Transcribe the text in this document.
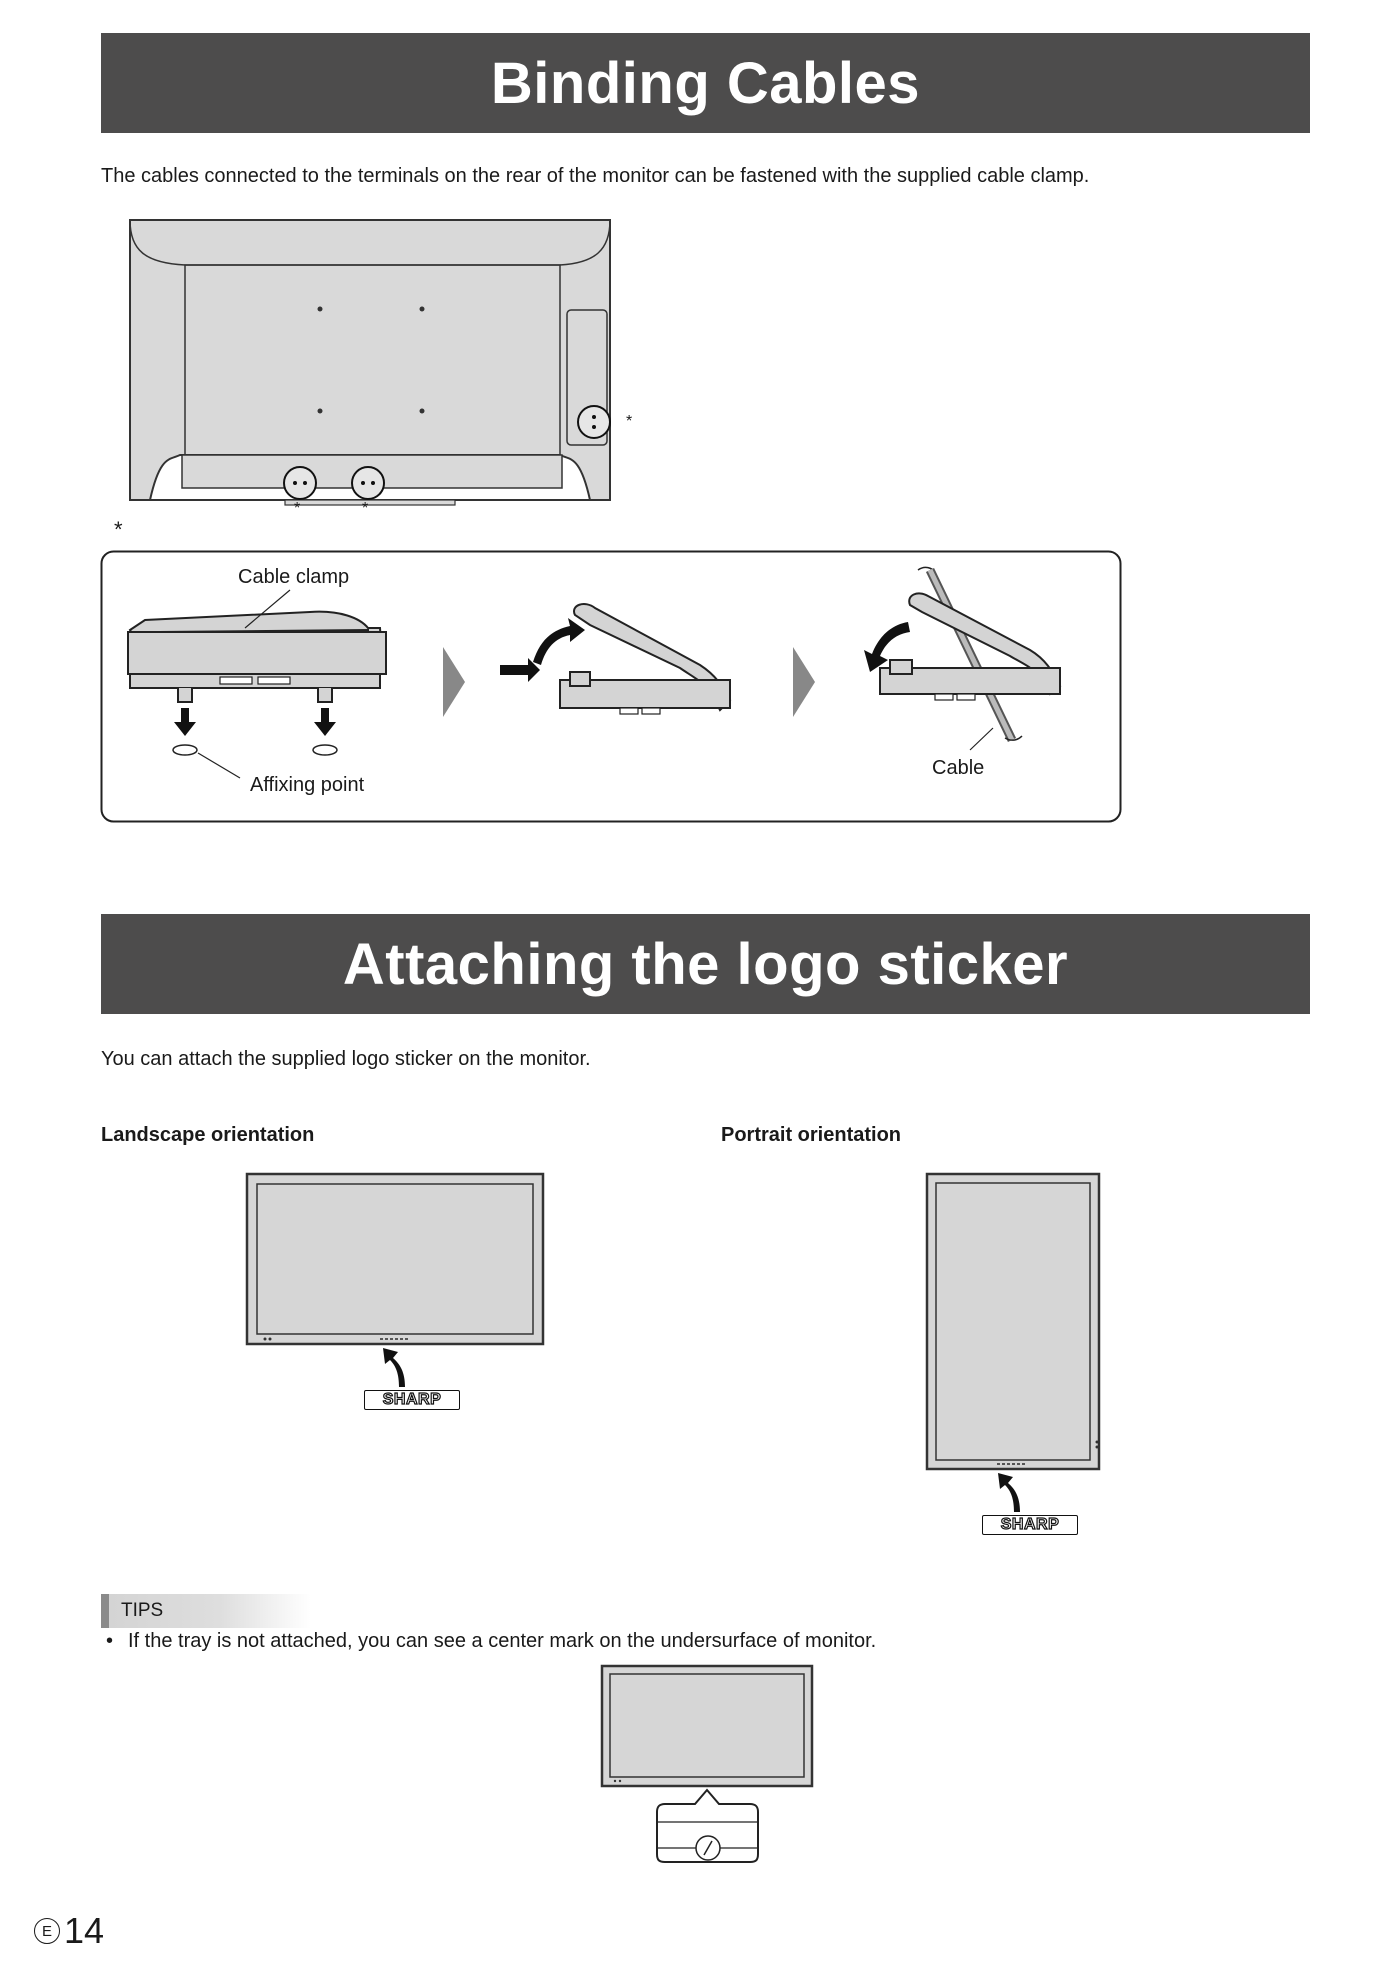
Binding Cables
The cables connected to the terminals on the rear of the monitor can be fastened with the supplied cable clamp.
*	*
*
*
Cable clamp
Affixing point
Cable
Attaching the logo sticker
You can attach the supplied logo sticker on the monitor.
Landscape orientation	Portrait orientation
SHARP
SHARP
TIPS
• If the tray is not attached, you can see a center mark on the undersurface of monitor.
E 14
